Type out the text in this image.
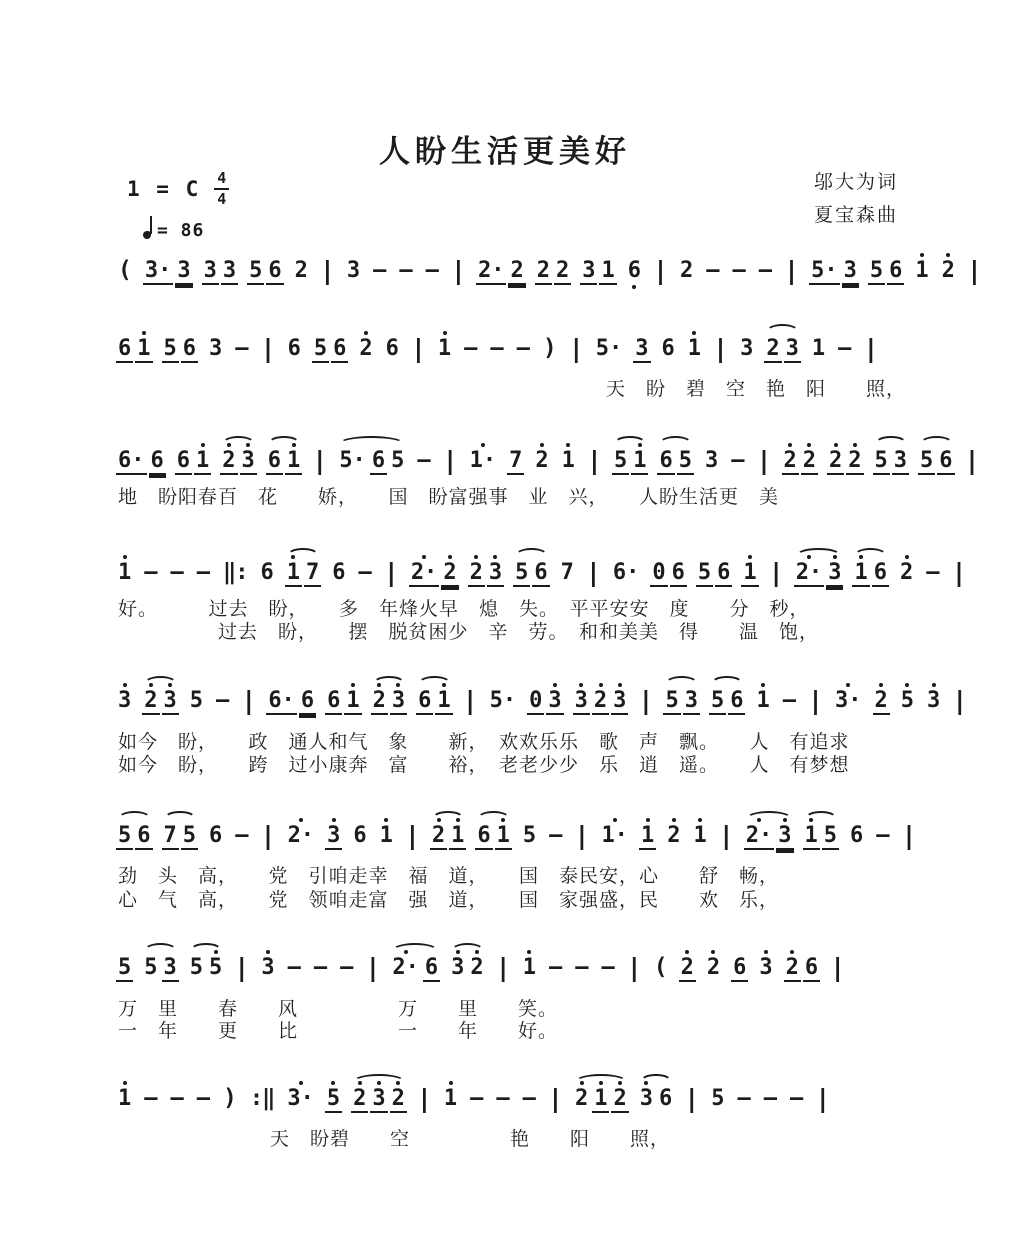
人盼生活更美好
1 = C $\frac{4}{4}$
= 86
邬大为词
夏宝森曲
( 3· 3 3 3 5 6 2 | 3 — — — | 2· 2 2 2 3 1 6 | 2 — — — | 5· 3 5 6 1 2 |
6 1 5 6 3 — | 6 5 6 2 6 | 1 — — — ) | 5· 3 6 1 | 3 2 3 1 — |
天　盼　碧　空　艳　阳　　照，
6· 6 6 1 2 3 6 1 | 5· 6 5 — | 1· 7 2 1 | 5 1 6 5 3 — | 2 2 2 2 5 3 5 6 |
地　盼阳春百　花　　娇，　　国　盼富强事　业　兴，　　人盼生活更　美
1 — — — ‖: 6 1 7 6 — | 2· 2 2 3 5 6 7 | 6· 0 6 5 6 1 | 2· 3 1 6 2 — |
好。　　　过去　盼，　　多　年烽火早　熄　失。　平平安安　度　　分　秒，
　　　　　过去　盼，　　摆　脱贫困少　辛　劳。　和和美美　得　　温　饱，
3 2 3 5 — | 6· 6 6 1 2 3 6 1 | 5· 0 3 3 2 3 | 5 3 5 6 1 — | 3· 2 5 3 |
如今　盼，　　政　通人和气　象　　新，　欢欢乐乐　歌　声　飘。　　人　有追求
如今　盼，　　跨　过小康奔　富　　裕，　老老少少　乐　逍　遥。　　人　有梦想
5 6 7 5 6 — | 2· 3 6 1 | 2 1 6 1 5 — | 1· 1 2 1 | 2· 3 1 5 6 — |
劲　头　高，　　党　引咱走幸　福　道，　　国　泰民安，心　　舒　畅，
心　气　高，　　党　领咱走富　强　道，　　国　家强盛，民　　欢　乐，
5 5 3 5 5 | 3 — — — | 2· 6 3 2 | 1 — — — | ( 2 2 6 3 2 6 |
万　里　　春　　风　　　　　万　　里　　笑。
一　年　　更　　比　　　　　一　　年　　好。
1 — — — ) :‖ 3· 5 2 3 2 | 1 — — — | 2 1 2 3 6 | 5 — — — |
天　盼碧　　空　　　　　艳　　阳　　照，
